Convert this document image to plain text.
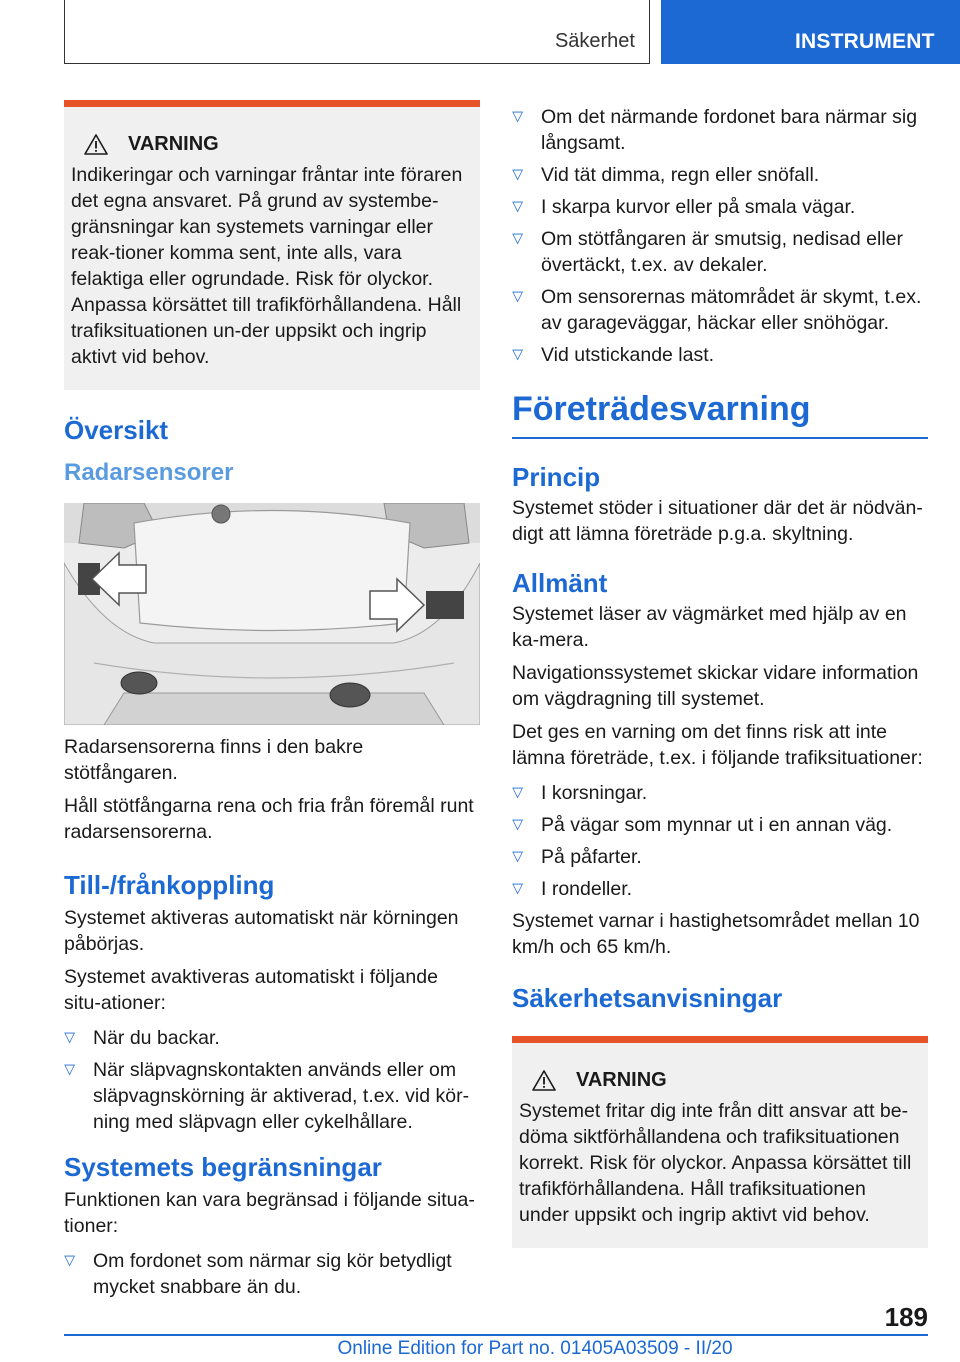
Säkerhet	INSTRUMENT
VARNING
Indikeringar och varningar fråntar inte föraren det egna ansvaret. På grund av systembe-gränsningar kan systemets varningar eller reak-tioner komma sent, inte alls, vara felaktiga eller ogrundade. Risk för olyckor. Anpassa körsättet till trafikförhållandena. Håll trafiksituationen un-der uppsikt och ingrip aktivt vid behov.
Översikt
Radarsensorer
Radarsensorerna finns i den bakre stötfångaren.
Håll stötfångarna rena och fria från föremål runt radarsensorerna.
Till-/frånkoppling
Systemet aktiveras automatiskt när körningen påbörjas.
Systemet avaktiveras automatiskt i följande situ-ationer:
▷ När du backar.
▷ När släpvagnskontakten används eller om släpvagnskörning är aktiverad, t.ex. vid kör-ning med släpvagn eller cykelhållare.
Systemets begränsningar
Funktionen kan vara begränsad i följande situa-tioner:
▷ Om fordonet som närmar sig kör betydligt mycket snabbare än du.
▷ Om det närmande fordonet bara närmar sig långsamt.
▷ Vid tät dimma, regn eller snöfall.
▷ I skarpa kurvor eller på smala vägar.
▷ Om stötfångaren är smutsig, nedisad eller övertäckt, t.ex. av dekaler.
▷ Om sensorernas mätområdet är skymt, t.ex. av garageväggar, häckar eller snöhögar.
▷ Vid utstickande last.
Företrädesvarning
Princip
Systemet stöder i situationer där det är nödvän-digt att lämna företräde p.g.a. skyltning.
Allmänt
Systemet läser av vägmärket med hjälp av en ka-mera.
Navigationssystemet skickar vidare information om vägdragning till systemet.
Det ges en varning om det finns risk att inte lämna företräde, t.ex. i följande trafiksituationer:
▷ I korsningar.
▷ På vägar som mynnar ut i en annan väg.
▷ På påfarter.
▷ I rondeller.
Systemet varnar i hastighetsområdet mellan 10 km/h och 65 km/h.
Säkerhetsanvisningar
VARNING
Systemet fritar dig inte från ditt ansvar att be-döma siktförhållandena och trafiksituationen korrekt. Risk för olyckor. Anpassa körsättet till trafikförhållandena. Håll trafiksituationen under uppsikt och ingrip aktivt vid behov.
189
Online Edition for Part no. 01405A03509 - II/20
